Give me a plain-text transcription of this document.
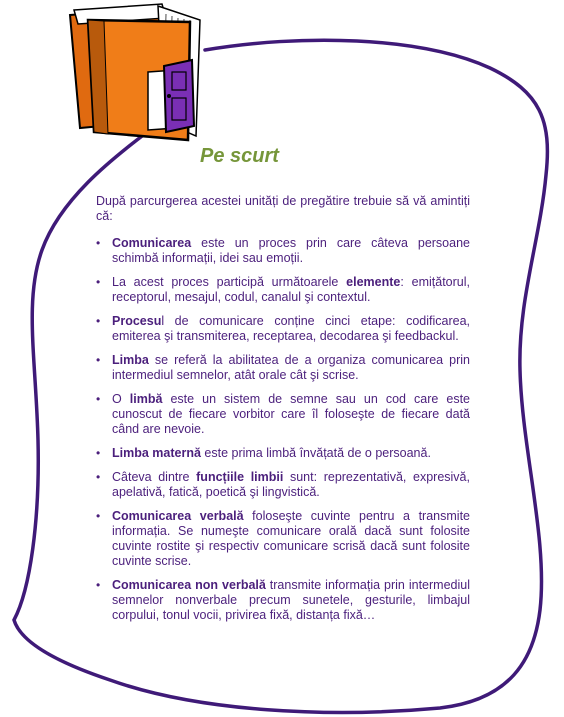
Pe scurt

După parcurgerea acestei unități de pregătire trebuie să vă amintiți că:

• Comunicarea este un proces prin care câteva persoane schimbă informații, idei sau emoții.
• La acest proces participă următoarele elemente: emițătorul, receptorul, mesajul, codul, canalul şi contextul.
• Procesul de comunicare conține cinci etape: codificarea, emiterea şi transmiterea, receptarea, decodarea şi feedbackul.
• Limba se referă la abilitatea de a organiza comunicarea prin intermediul semnelor, atât orale cât şi scrise.
• O limbă este un sistem de semne sau un cod care este cunoscut de fiecare vorbitor care îl foloseşte de fiecare dată când are nevoie.
• Limba maternă este prima limbă învățată de o persoană.
• Câteva dintre funcțiile limbii sunt: reprezentativă, expresivă, apelativă, fatică, poetică şi lingvistică.
• Comunicarea verbală foloseşte cuvinte pentru a transmite informația. Se numeşte comunicare orală dacă sunt folosite cuvinte rostite şi respectiv comunicare scrisă dacă sunt folosite cuvinte scrise.
• Comunicarea non verbală transmite informația prin intermediul semnelor nonverbale precum sunetele, gesturile, limbajul corpului, tonul vocii, privirea fixă, distanța fixă…
